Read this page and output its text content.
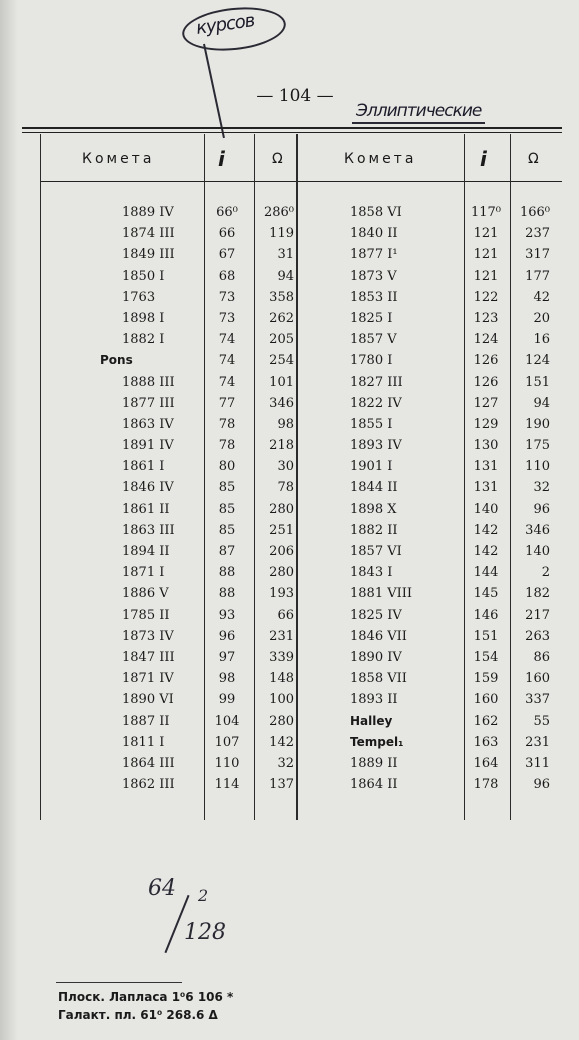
курсов
— 104 —
Эллиптические
Комета	i	Ω	Комета	i	Ω
1889 IV	66⁰	286⁰	1858 VI	117⁰	166⁰
1874 III	66	119	1840 II	121	237
1849 III	67	31	1877 I¹	121	317
1850 I	68	94	1873 V	121	177
1763	73	358	1853 II	122	42
1898 I	73	262	1825 I	123	20
1882 I	74	205	1857 V	124	16
Pons	74	254	1780 I	126	124
1888 III	74	101	1827 III	126	151
1877 III	77	346	1822 IV	127	94
1863 IV	78	98	1855 I	129	190
1891 IV	78	218	1893 IV	130	175
1861 I	80	30	1901 I	131	110
1846 IV	85	78	1844 II	131	32
1861 II	85	280	1898 X	140	96
1863 III	85	251	1882 II	142	346
1894 II	87	206	1857 VI	142	140
1871 I	88	280	1843 I	144	2
1886 V	88	193	1881 VIII	145	182
1785 II	93	66	1825 IV	146	217
1873 IV	96	231	1846 VII	151	263
1847 III	97	339	1890 IV	154	86
1871 IV	98	148	1858 VII	159	160
1890 VI	99	100	1893 II	160	337
1887 II	104	280	Halley	162	55
1811 I	107	142	Tempel₁	163	231
1864 III	110	32	1889 II	164	311
1862 III	114	137	1864 II	178	96
64 2
128
Плоск. Лапласа 1⁰6 106 *
Галакт. пл. 61⁰ 268.6 Δ
